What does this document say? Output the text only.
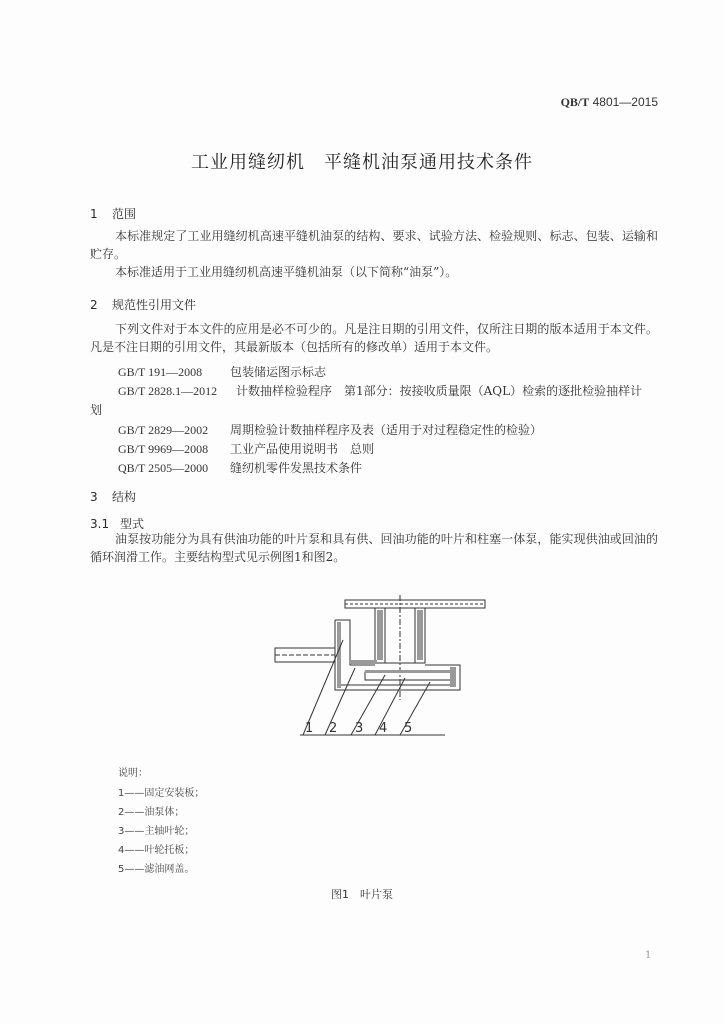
QB/T 4801—2015
工业用缝纫机　平缝机油泵通用技术条件
1 范围
本标准规定了工业用缝纫机高速平缝机油泵的结构、要求、试验方法、检验规则、标志、包装、运输和贮存。
本标准适用于工业用缝纫机高速平缝机油泵（以下简称“油泵”）。
2 规范性引用文件
下列文件对于本文件的应用是必不可少的。凡是注日期的引用文件，仅所注日期的版本适用于本文件。凡是不注日期的引用文件，其最新版本（包括所有的修改单）适用于本文件。
GB/T 191—2008 包装储运图示标志
GB/T 2828.1—2012 计数抽样检验程序　第1部分：按接收质量限（AQL）检索的逐批检验抽样计
划
GB/T 2829—2002 周期检验计数抽样程序及表（适用于对过程稳定性的检验）
GB/T 9969—2008 工业产品使用说明书　总则
QB/T 2505—2000 缝纫机零件发黑技术条件
3 结构
3.1 型式
油泵按功能分为具有供油功能的叶片泵和具有供、回油功能的叶片和柱塞一体泵，能实现供油或回油的循环润滑工作。主要结构型式见示例图1和图2。
1 2 3 4 5
说明：
1——固定安装板；
2——油泵体；
3——主轴叶轮；
4——叶轮托板；
5——滤油网盖。
图1　叶片泵
1
